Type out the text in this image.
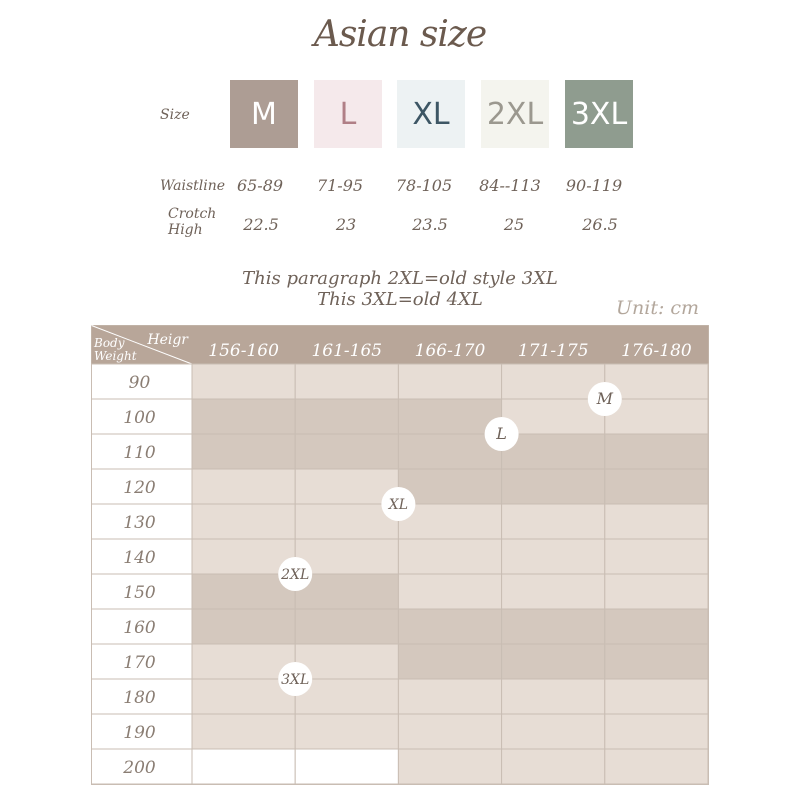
Asian size
Size M L XL 2XL 3XL
Waistline 65-89	71-95	78-105	84--113	90-119
Crotch
High	22.5	23	23.5	25	26.5
This paragraph 2XL=old style 3XL
This 3XL=old 4XL	Unit: cm
Heigr
Body
Weight	156-160 161-165 166-170 171-175 176-180
90
100
110
120
130
140
150
160
170
180
190
200
M
L
XL
2XL
3XL
